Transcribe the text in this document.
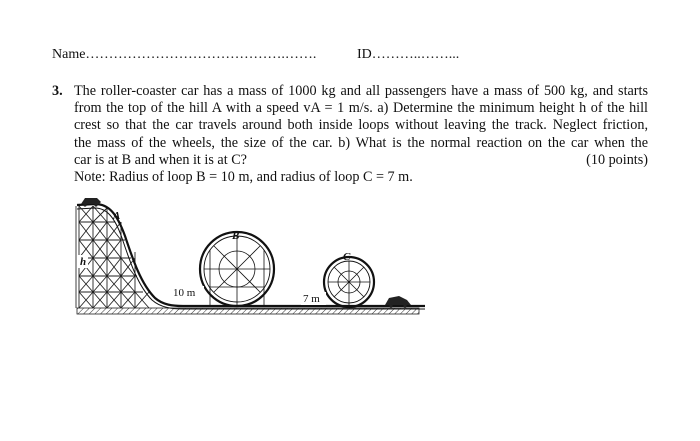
Name…………………………………….…….	ID………..……...
3. The roller-coaster car has a mass of 1000 kg and all passengers have a mass of 500 kg, and starts
from the top of the hill A with a speed vA = 1 m/s. a) Determine the minimum height h of the hill
crest so that the car travels around both inside loops without leaving the track. Neglect friction,
the mass of the wheels, the size of the car. b) What is the normal reaction on the car when the
car is at B and when it is at C?	(10 points)
Note: Radius of loop B = 10 m, and radius of loop C = 7 m.
A
B
C
h
10 m	7 m
